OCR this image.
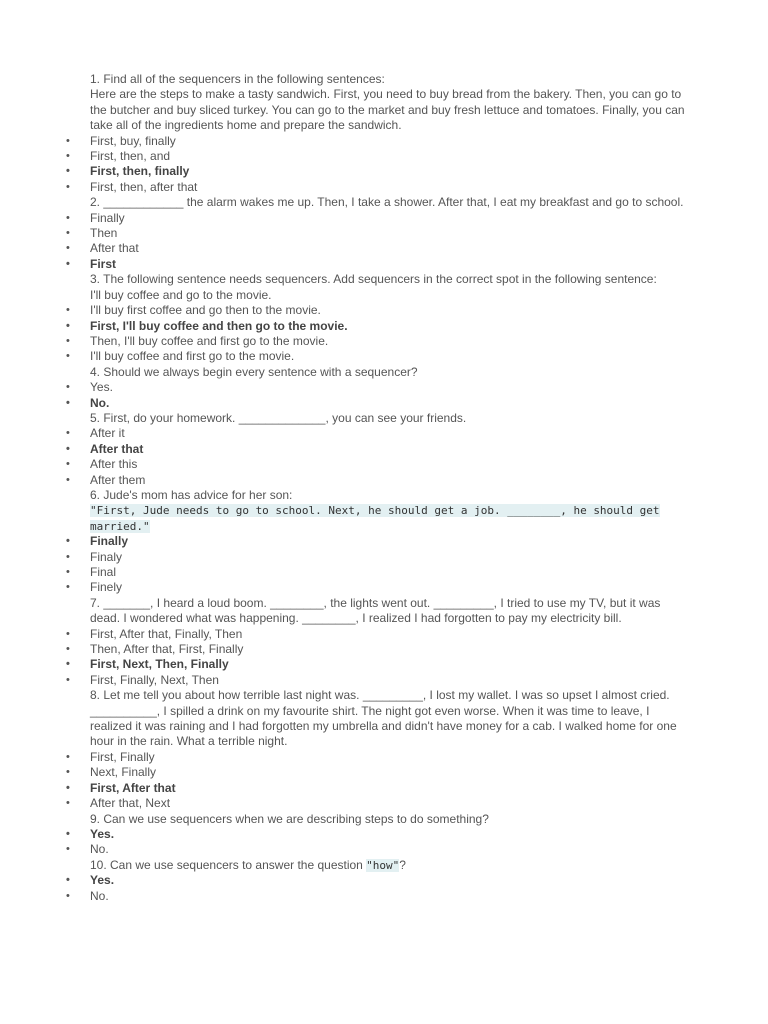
1. Find all of the sequencers in the following sentences:
Here are the steps to make a tasty sandwich. First, you need to buy bread from the bakery. Then, you can go to the butcher and buy sliced turkey. You can go to the market and buy fresh lettuce and tomatoes. Finally, you can take all of the ingredients home and prepare the sandwich.
• First, buy, finally
• First, then, and
• First, then, finally
• First, then, after that
2. ____________ the alarm wakes me up. Then, I take a shower. After that, I eat my breakfast and go to school.
• Finally
• Then
• After that
• First
3. The following sentence needs sequencers. Add sequencers in the correct spot in the following sentence:
I'll buy coffee and go to the movie.
• I'll buy first coffee and go then to the movie.
• First, I'll buy coffee and then go to the movie.
• Then, I'll buy coffee and first go to the movie.
• I'll buy coffee and first go to the movie.
4. Should we always begin every sentence with a sequencer?
• Yes.
• No.
5. First, do your homework. _____________, you can see your friends.
• After it
• After that
• After this
• After them
6. Jude's mom has advice for her son:
"First, Jude needs to go to school. Next, he should get a job. ________, he should get married."
• Finally
• Finaly
• Final
• Finely
7. _______, I heard a loud boom. ________, the lights went out. _________, I tried to use my TV, but it was dead. I wondered what was happening. ________, I realized I had forgotten to pay my electricity bill.
• First, After that, Finally, Then
• Then, After that, First, Finally
• First, Next, Then, Finally
• First, Finally, Next, Then
8. Let me tell you about how terrible last night was. _________, I lost my wallet. I was so upset I almost cried. __________, I spilled a drink on my favourite shirt. The night got even worse. When it was time to leave, I realized it was raining and I had forgotten my umbrella and didn't have money for a cab. I walked home for one hour in the rain. What a terrible night.
• First, Finally
• Next, Finally
• First, After that
• After that, Next
9. Can we use sequencers when we are describing steps to do something?
• Yes.
• No.
10. Can we use sequencers to answer the question "how"?
• Yes.
• No.
